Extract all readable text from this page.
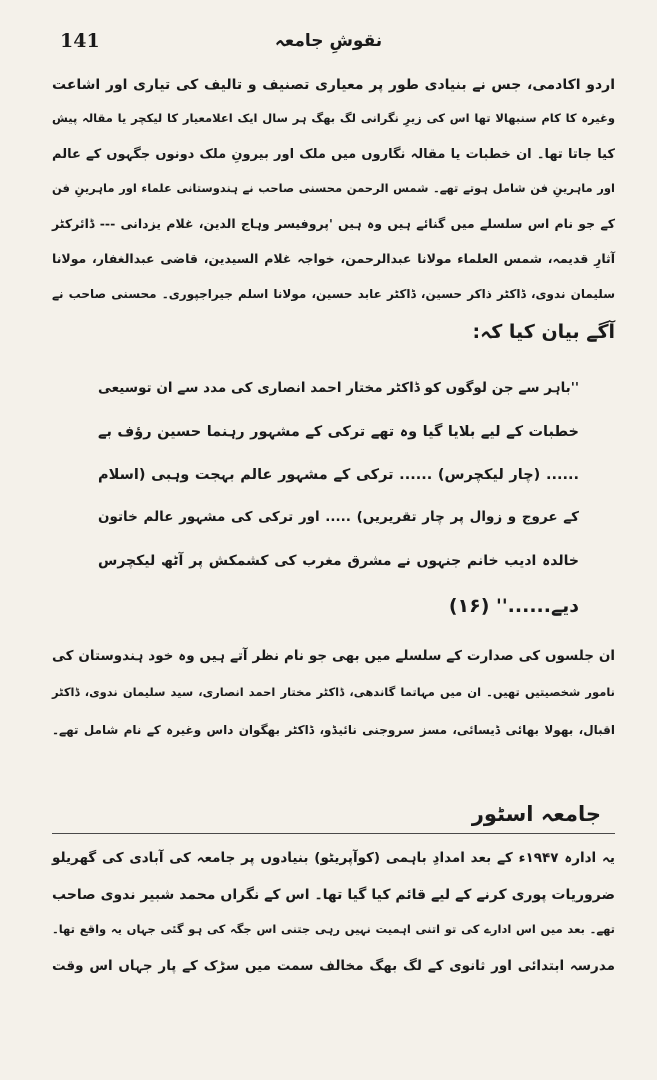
141	نقوشِ جامعہ
اردو اکادمی، جس نے بنیادی طور پر معیاری تصنیف و تالیف کی تیاری اور اشاعت
وغیرہ کا کام سنبھالا تھا اس کی زیرِ نگرانی لگ بھگ ہر سال ایک اعلامعیار کا لیکچر یا مقالہ پیش
کیا جاتا تھا۔ ان خطبات یا مقالہ نگاروں میں ملک اور بیرونِ ملک دونوں جگہوں کے عالم
اور ماہرینِ فن شامل ہوتے تھے۔ شمس الرحمن محسنی صاحب نے ہندوستانی علماء اور ماہرینِ فن
کے جو نام اس سلسلے میں گنائے ہیں وہ ہیں 'پروفیسر وہاج الدین، غلام یزدانی --- ڈائرکٹر
آثارِ قدیمہ، شمس العلماء مولانا عبدالرحمن، خواجہ غلام السیدین، قاضی عبدالغفار، مولانا
سلیمان ندوی، ڈاکٹر ذاکر حسین، ڈاکٹر عابد حسین، مولانا اسلم جیراجپوری۔ محسنی صاحب نے
آگے بیان کیا کہ:
''باہر سے جن لوگوں کو ڈاکٹر مختار احمد انصاری کی مدد سے ان توسیعی
خطبات کے لیے بلایا گیا وہ تھے ترکی کے مشہور رہنما حسین رؤف بے
...... (چار لیکچرس) ...... ترکی کے مشہور عالم بہجت وہبی (اسلام
کے عروج و زوال پر چار تقریریں) ..... اور ترکی کی مشہور عالم خاتون
خالدہ ادیب خانم جنہوں نے مشرق مغرب کی کشمکش پر آٹھ لیکچرس
دیے......'' (۱۶)
ان جلسوں کی صدارت کے سلسلے میں بھی جو نام نظر آتے ہیں وہ خود ہندوستان کی
نامور شخصیتیں تھیں۔ ان میں مہاتما گاندھی، ڈاکٹر مختار احمد انصاری، سید سلیمان ندوی، ڈاکٹر
اقبال، بھولا بھائی ڈیسائی، مسز سروجنی نائیڈو، ڈاکٹر بھگوان داس وغیرہ کے نام شامل تھے۔
جامعہ اسٹور
یہ ادارہ ۱۹۴۷ء کے بعد امدادِ باہمی (کوآپریٹو) بنیادوں پر جامعہ کی آبادی کی گھریلو
ضروریات پوری کرنے کے لیے قائم کیا گیا تھا۔ اس کے نگراں محمد شبیر ندوی صاحب
تھے۔ بعد میں اس ادارے کی تو اتنی اہمیت نہیں رہی جتنی اس جگہ کی ہو گئی جہاں یہ واقع تھا۔
مدرسہ ابتدائی اور ثانوی کے لگ بھگ مخالف سمت میں سڑک کے پار جہاں اس وقت
